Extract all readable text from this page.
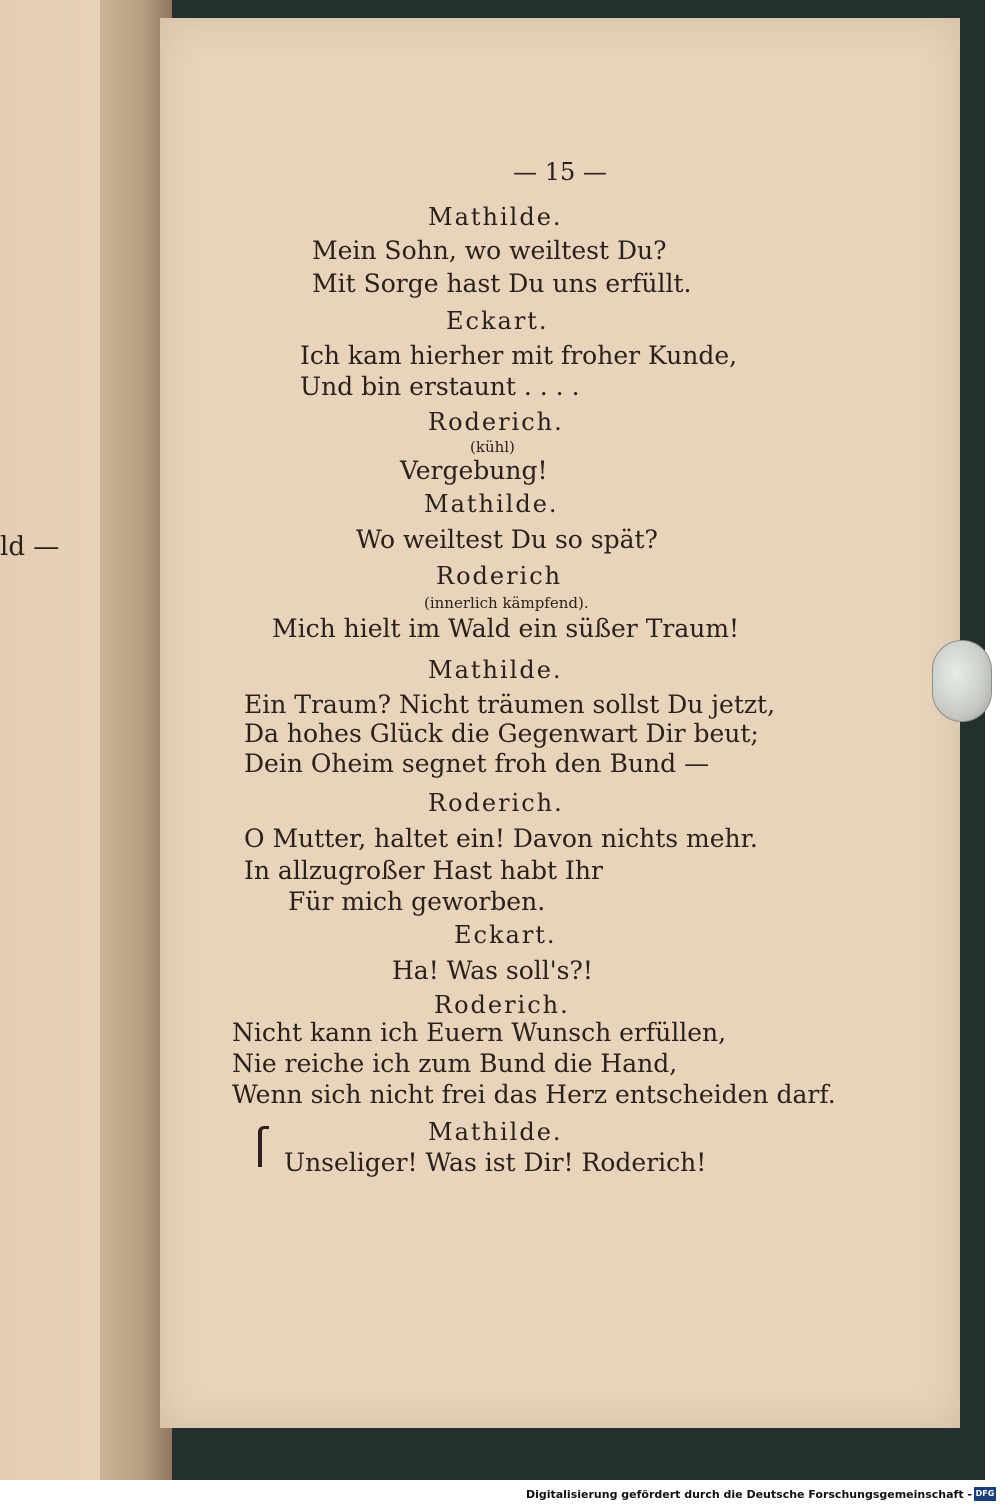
ld —
— 15 —
Mathilde.
Mein Sohn, wo weiltest Du?
Mit Sorge hast Du uns erfüllt.
Eckart.
Ich kam hierher mit froher Kunde,
Und bin erstaunt . . . .
Roderich.
(kühl)
Vergebung!
Mathilde.
Wo weiltest Du so spät?
Roderich
(innerlich kämpfend).
Mich hielt im Wald ein süßer Traum!
Mathilde.
Ein Traum? Nicht träumen sollst Du jetzt,
Da hohes Glück die Gegenwart Dir beut;
Dein Oheim segnet froh den Bund —
Roderich.
O Mutter, haltet ein! Davon nichts mehr.
In allzugroßer Hast habt Ihr
Für mich geworben.
Eckart.
Ha! Was soll's?!
Roderich.
Nicht kann ich Euern Wunsch erfüllen,
Nie reiche ich zum Bund die Hand,
Wenn sich nicht frei das Herz entscheiden darf.
Mathilde.
Unseliger! Was ist Dir! Roderich!
Digitalisierung gefördert durch die Deutsche Forschungsgemeinschaft - DFG
